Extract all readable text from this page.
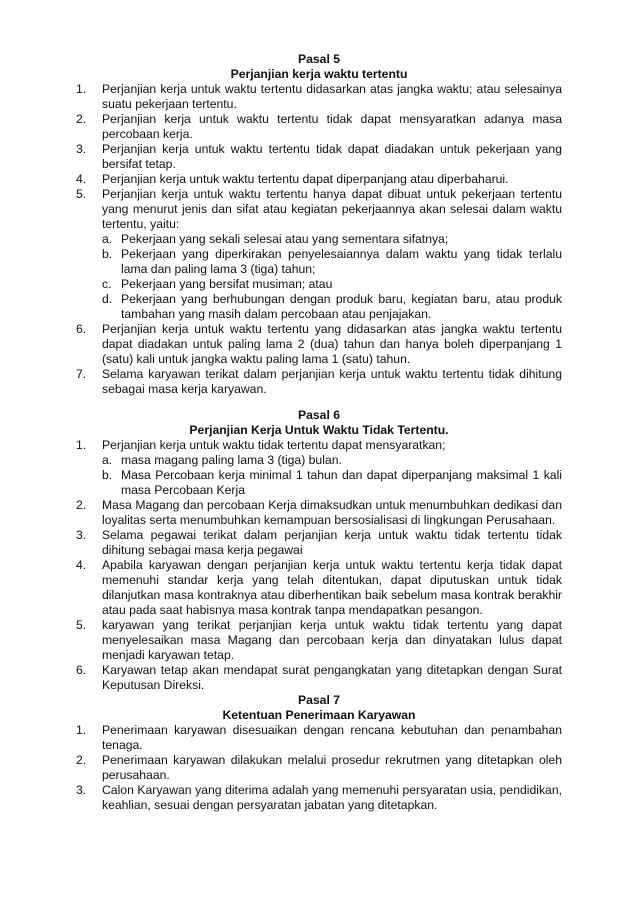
Pasal 5

Perjanjian kerja waktu tertentu

1.	Perjanjian kerja untuk waktu tertentu didasarkan atas jangka waktu; atau selesainya suatu pekerjaan tertentu.
2.	Perjanjian kerja untuk waktu tertentu tidak dapat mensyaratkan adanya masa percobaan kerja.
3.	Perjanjian kerja untuk waktu tertentu tidak dapat diadakan untuk pekerjaan yang bersifat tetap.
4.	Perjanjian kerja untuk waktu tertentu dapat diperpanjang atau diperbaharui.
5.	Perjanjian kerja untuk waktu tertentu hanya dapat dibuat untuk pekerjaan tertentu yang menurut jenis dan sifat atau kegiatan pekerjaannya akan selesai dalam waktu tertentu, yaitu:
a. Pekerjaan yang sekali selesai atau yang sementara sifatnya;
b. Pekerjaan yang diperkirakan penyelesaiannya dalam waktu yang tidak terlalu lama dan paling lama 3 (tiga) tahun;
c. Pekerjaan yang bersifat musiman; atau
d. Pekerjaan yang berhubungan dengan produk baru, kegiatan baru, atau produk tambahan yang masih dalam percobaan atau penjajakan.
6.	Perjanjian kerja untuk waktu tertentu yang didasarkan atas jangka waktu tertentu dapat diadakan untuk paling lama 2 (dua) tahun dan hanya boleh diperpanjang 1 (satu) kali untuk jangka waktu paling lama 1 (satu) tahun.
7.	Selama karyawan terikat dalam perjanjian kerja untuk waktu tertentu tidak dihitung sebagai masa kerja karyawan.

Pasal 6

Perjanjian Kerja Untuk Waktu Tidak Tertentu.

1.	Perjanjian kerja untuk waktu tidak tertentu dapat mensyaratkan;
a. masa magang paling lama 3 (tiga) bulan.
b. Masa Percobaan kerja minimal 1 tahun dan dapat diperpanjang maksimal 1 kali masa Percobaan Kerja
2.	Masa Magang dan percobaan Kerja dimaksudkan untuk menumbuhkan dedikasi dan loyalitas serta menumbuhkan kemampuan bersosialisasi di lingkungan Perusahaan.
3.	Selama pegawai terikat dalam perjanjian kerja untuk waktu tidak tertentu tidak dihitung sebagai masa kerja pegawai
4.	Apabila karyawan dengan perjanjian kerja untuk waktu tertentu kerja tidak dapat memenuhi standar kerja yang telah ditentukan, dapat diputuskan untuk tidak dilanjutkan masa kontraknya atau diberhentikan baik sebelum masa kontrak berakhir atau pada saat habisnya masa kontrak tanpa mendapatkan pesangon.
5.	karyawan yang terikat perjanjian kerja untuk waktu tidak tertentu yang dapat menyelesaikan masa Magang dan percobaan kerja dan dinyatakan lulus dapat menjadi karyawan tetap.
6.	Karyawan tetap akan mendapat surat pengangkatan yang ditetapkan dengan Surat Keputusan Direksi.

Pasal 7

Ketentuan Penerimaan Karyawan

1.	Penerimaan karyawan disesuaikan dengan rencana kebutuhan dan penambahan tenaga.
2.	Penerimaan karyawan dilakukan melalui prosedur rekrutmen yang ditetapkan oleh perusahaan.
3.	Calon Karyawan yang diterima adalah yang memenuhi persyaratan usia, pendidikan, keahlian, sesuai dengan persyaratan jabatan yang ditetapkan.
